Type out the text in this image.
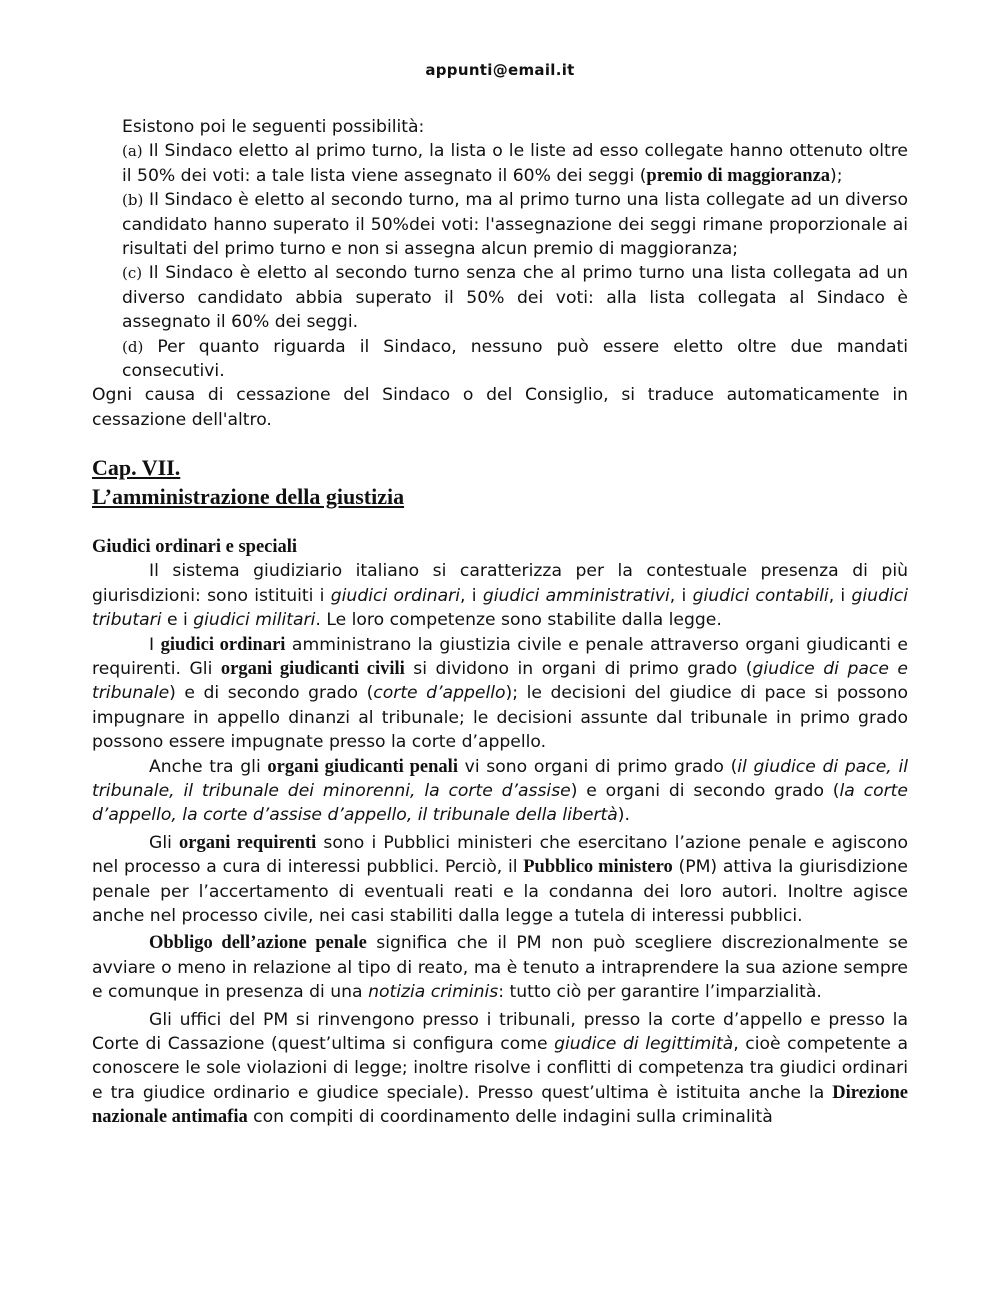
appunti@email.it

Esistono poi le seguenti possibilità:

(a) Il Sindaco eletto al primo turno, la lista o le liste ad esso collegate hanno ottenuto oltre il 50% dei voti: a tale lista viene assegnato il 60% dei seggi (premio di maggioranza);

(b) Il Sindaco è eletto al secondo turno, ma al primo turno una lista collegate ad un diverso candidato hanno superato il 50%dei voti: l'assegnazione dei seggi rimane proporzionale ai risultati del primo turno e non si assegna alcun premio di maggioranza;

(c) Il Sindaco è eletto al secondo turno senza che al primo turno una lista collegata ad un diverso candidato abbia superato il 50% dei voti: alla lista collegata al Sindaco è assegnato il 60% dei seggi.

(d) Per quanto riguarda il Sindaco, nessuno può essere eletto oltre due mandati consecutivi.

Ogni causa di cessazione del Sindaco o del Consiglio, si traduce automaticamente in cessazione dell'altro.

Cap. VII.
L’amministrazione della giustizia
Giudici ordinari e speciali

Il sistema giudiziario italiano si caratterizza per la contestuale presenza di più giurisdizioni: sono istituiti i giudici ordinari, i giudici amministrativi, i giudici contabili, i giudici tributari e i giudici militari. Le loro competenze sono stabilite dalla legge.

I giudici ordinari amministrano la giustizia civile e penale attraverso organi giudicanti e requirenti. Gli organi giudicanti civili si dividono in organi di primo grado (giudice di pace e tribunale) e di secondo grado (corte d’appello); le decisioni del giudice di pace si possono impugnare in appello dinanzi al tribunale; le decisioni assunte dal tribunale in primo grado possono essere impugnate presso la corte d’appello.

Anche tra gli organi giudicanti penali vi sono organi di primo grado (il giudice di pace, il tribunale, il tribunale dei minorenni, la corte d’assise) e organi di secondo grado (la corte d’appello, la corte d’assise d’appello, il tribunale della libertà).

Gli organi requirenti sono i Pubblici ministeri che esercitano l’azione penale e agiscono nel processo a cura di interessi pubblici. Perciò, il Pubblico ministero (PM) attiva la giurisdizione penale per l’accertamento di eventuali reati e la condanna dei loro autori. Inoltre agisce anche nel processo civile, nei casi stabiliti dalla legge a tutela di interessi pubblici.

Obbligo dell’azione penale significa che il PM non può scegliere discrezionalmente se avviare o meno in relazione al tipo di reato, ma è tenuto a intraprendere la sua azione sempre e comunque in presenza di una notizia criminis: tutto ciò per garantire l’imparzialità.

Gli uffici del PM si rinvengono presso i tribunali, presso la corte d’appello e presso la Corte di Cassazione (quest’ultima si configura come giudice di legittimità, cioè competente a conoscere le sole violazioni di legge; inoltre risolve i conflitti di competenza tra giudici ordinari e tra giudice ordinario e giudice speciale). Presso quest’ultima è istituita anche la Direzione nazionale antimafia con compiti di coordinamento delle indagini sulla criminalità
